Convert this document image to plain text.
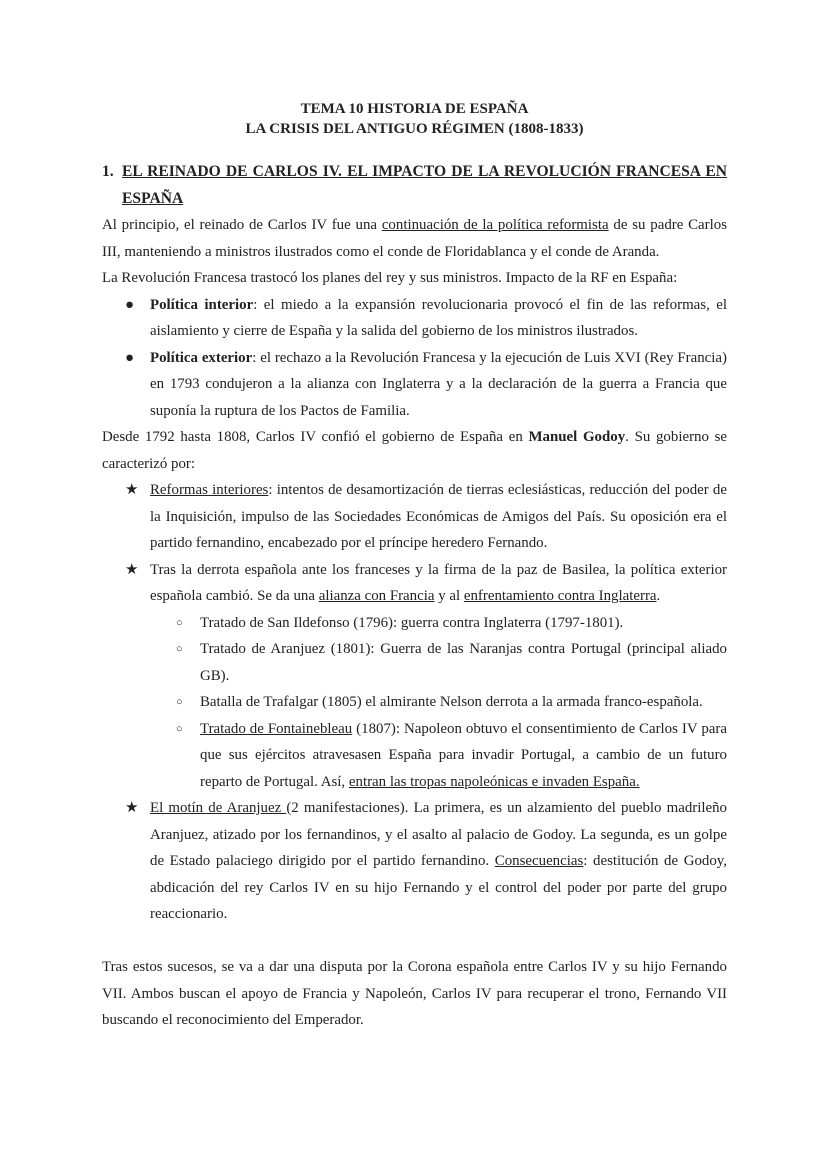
TEMA 10 HISTORIA DE ESPAÑA
LA CRISIS DEL ANTIGUO RÉGIMEN (1808-1833)
1. EL REINADO DE CARLOS IV. EL IMPACTO DE LA REVOLUCIÓN FRANCESA EN ESPAÑA

Al principio, el reinado de Carlos IV fue una continuación de la política reformista de su padre Carlos III, manteniendo a ministros ilustrados como el conde de Floridablanca y el conde de Aranda.

La Revolución Francesa trastocó los planes del rey y sus ministros. Impacto de la RF en España:

● Política interior: el miedo a la expansión revolucionaria provocó el fin de las reformas, el aislamiento y cierre de España y la salida del gobierno de los ministros ilustrados.
● Política exterior: el rechazo a la Revolución Francesa y la ejecución de Luis XVI (Rey Francia) en 1793 condujeron a la alianza con Inglaterra y a la declaración de la guerra a Francia que suponía la ruptura de los Pactos de Familia.

Desde 1792 hasta 1808, Carlos IV confió el gobierno de España en Manuel Godoy. Su gobierno se caracterizó por:

★ Reformas interiores: intentos de desamortización de tierras eclesiásticas, reducción del poder de la Inquisición, impulso de las Sociedades Económicas de Amigos del País. Su oposición era el partido fernandino, encabezado por el príncipe heredero Fernando.
★ Tras la derrota española ante los franceses y la firma de la paz de Basilea, la política exterior española cambió. Se da una alianza con Francia y al enfrentamiento contra Inglaterra.
○ Tratado de San Ildefonso (1796): guerra contra Inglaterra (1797-1801).
○ Tratado de Aranjuez (1801): Guerra de las Naranjas contra Portugal (principal aliado GB).
○ Batalla de Trafalgar (1805) el almirante Nelson derrota a la armada franco-española.
○ Tratado de Fontainebleau (1807): Napoleon obtuvo el consentimiento de Carlos IV para que sus ejércitos atravesasen España para invadir Portugal, a cambio de un futuro reparto de Portugal. Así, entran las tropas napoleónicas e invaden España.
★ El motín de Aranjuez (2 manifestaciones). La primera, es un alzamiento del pueblo madrileño Aranjuez, atizado por los fernandinos, y el asalto al palacio de Godoy. La segunda, es un golpe de Estado palaciego dirigido por el partido fernandino. Consecuencias: destitución de Godoy, abdicación del rey Carlos IV en su hijo Fernando y el control del poder por parte del grupo reaccionario.

Tras estos sucesos, se va a dar una disputa por la Corona española entre Carlos IV y su hijo Fernando VII. Ambos buscan el apoyo de Francia y Napoleón, Carlos IV para recuperar el trono, Fernando VII buscando el reconocimiento del Emperador.
